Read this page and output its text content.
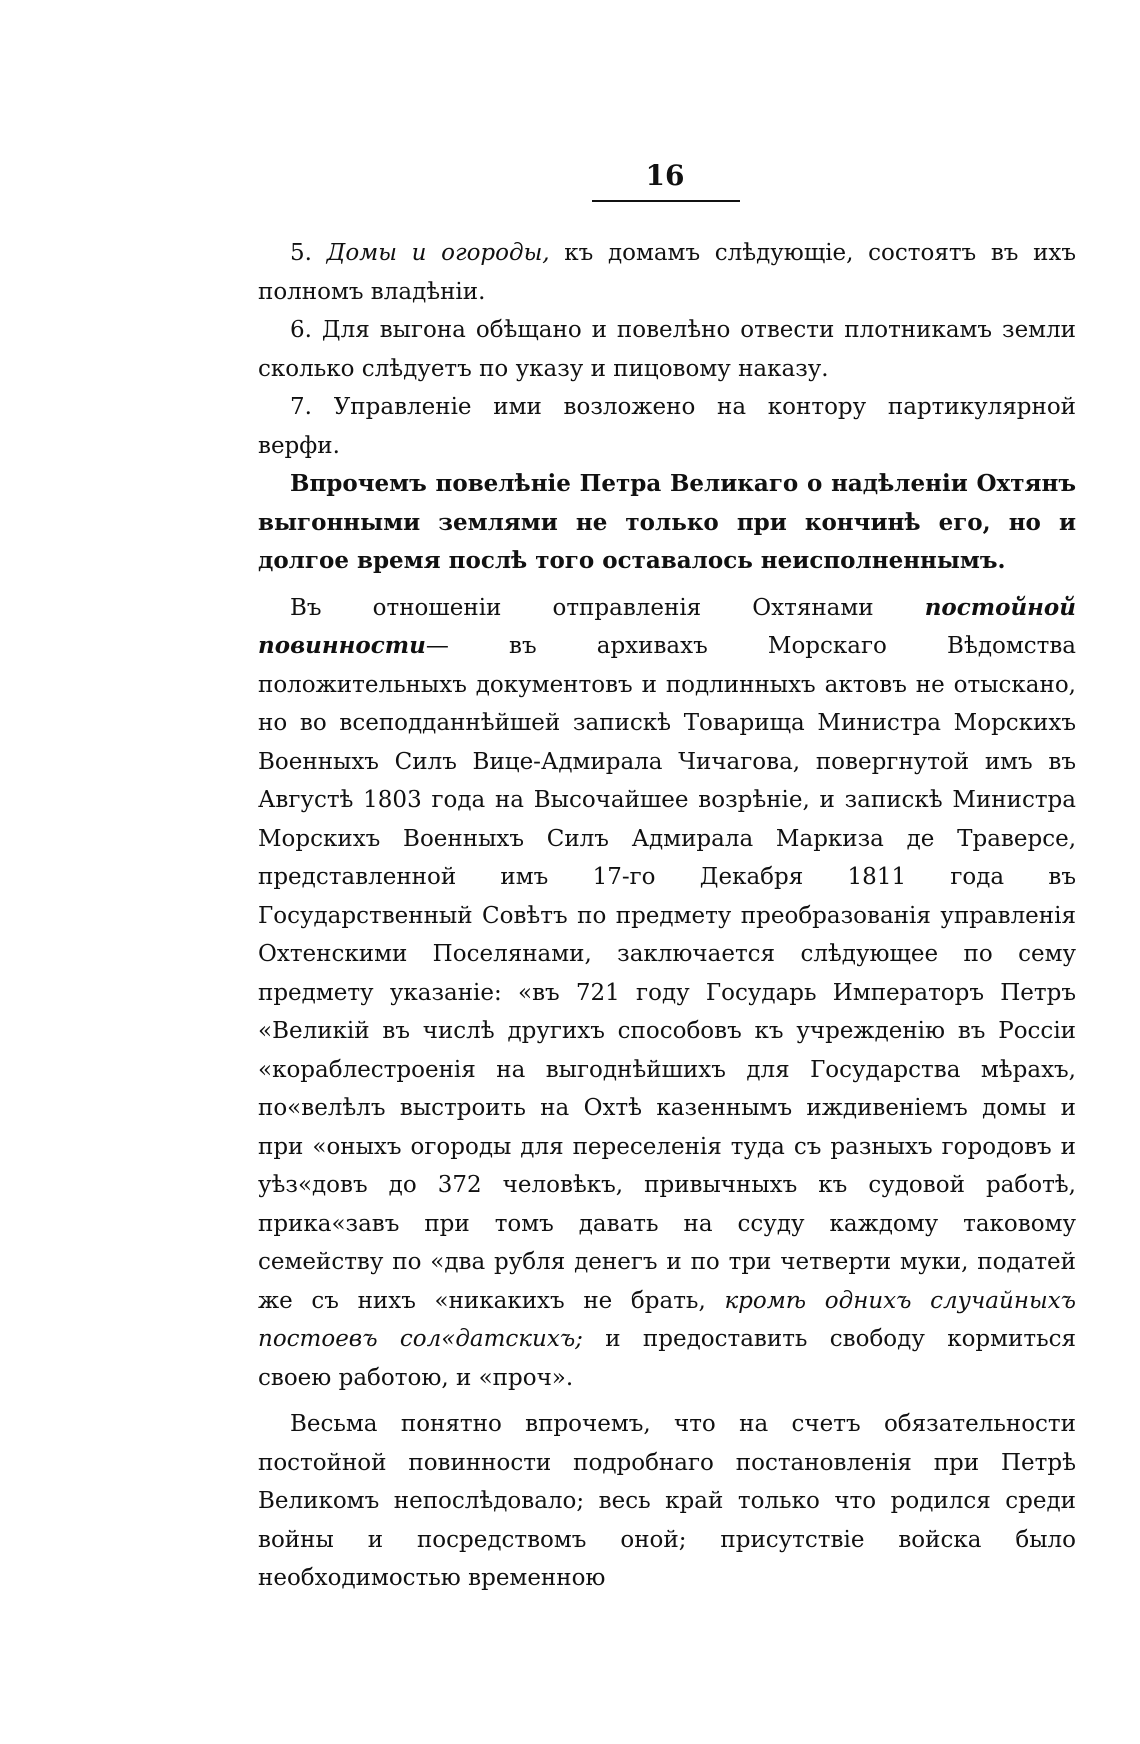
16

5. Домы и огороды, къ домамъ слѣдующіе, состоятъ въ ихъ полномъ владѣніи.

6. Для выгона обѣщано и повелѣно отвести плотникамъ земли сколько слѣдуетъ по указу и пицовому наказу.

7. Управленіе ими возложено на контору партикулярной верфи.

Впрочемъ повелѣніе Петра Великаго о надѣленіи Охтянъ выгонными землями не только при кончинѣ его, но и долгое время послѣ того оставалось неисполненнымъ.

Въ отношеніи отправленія Охтянами постойной повинности— въ архивахъ Морскаго Вѣдомства положительныхъ документовъ и подлинныхъ актовъ не отыскано, но во всеподданнѣйшей запискѣ Товарища Министра Морскихъ Военныхъ Силъ Вице-Адмирала Чичагова, повергнутой имъ въ Августѣ 1803 года на Высочайшее возрѣніе, и запискѣ Министра Морскихъ Военныхъ Силъ Адмирала Маркиза де Траверсе, представленной имъ 17-го Декабря 1811 года въ Государственный Совѣтъ по предмету преобразованія управленія Охтенскими Поселянами, заключается слѣдующее по сему предмету указаніе: «въ 721 году Государь Императоръ Петръ «Великій въ числѣ другихъ способовъ къ учрежденію въ Россіи «кораблестроенія на выгоднѣйшихъ для Государства мѣрахъ, по«велѣлъ выстроить на Охтѣ казеннымъ иждивеніемъ домы и при «оныхъ огороды для переселенія туда съ разныхъ городовъ и уѣз«довъ до 372 человѣкъ, привычныхъ къ судовой работѣ, прика«завъ при томъ давать на ссуду каждому таковому семейству по «два рубля денегъ и по три четверти муки, податей же съ нихъ «никакихъ не брать, кромѣ однихъ случайныхъ постоевъ сол«датскихъ; и предоставить свободу кормиться своею работою, и «проч».

Весьма понятно впрочемъ, что на счетъ обязательности постойной повинности подробнаго постановленія при Петрѣ Великомъ непослѣдовало; весь край только что родился среди войны и посредствомъ оной; присутствіе войска было необходимостью временною
